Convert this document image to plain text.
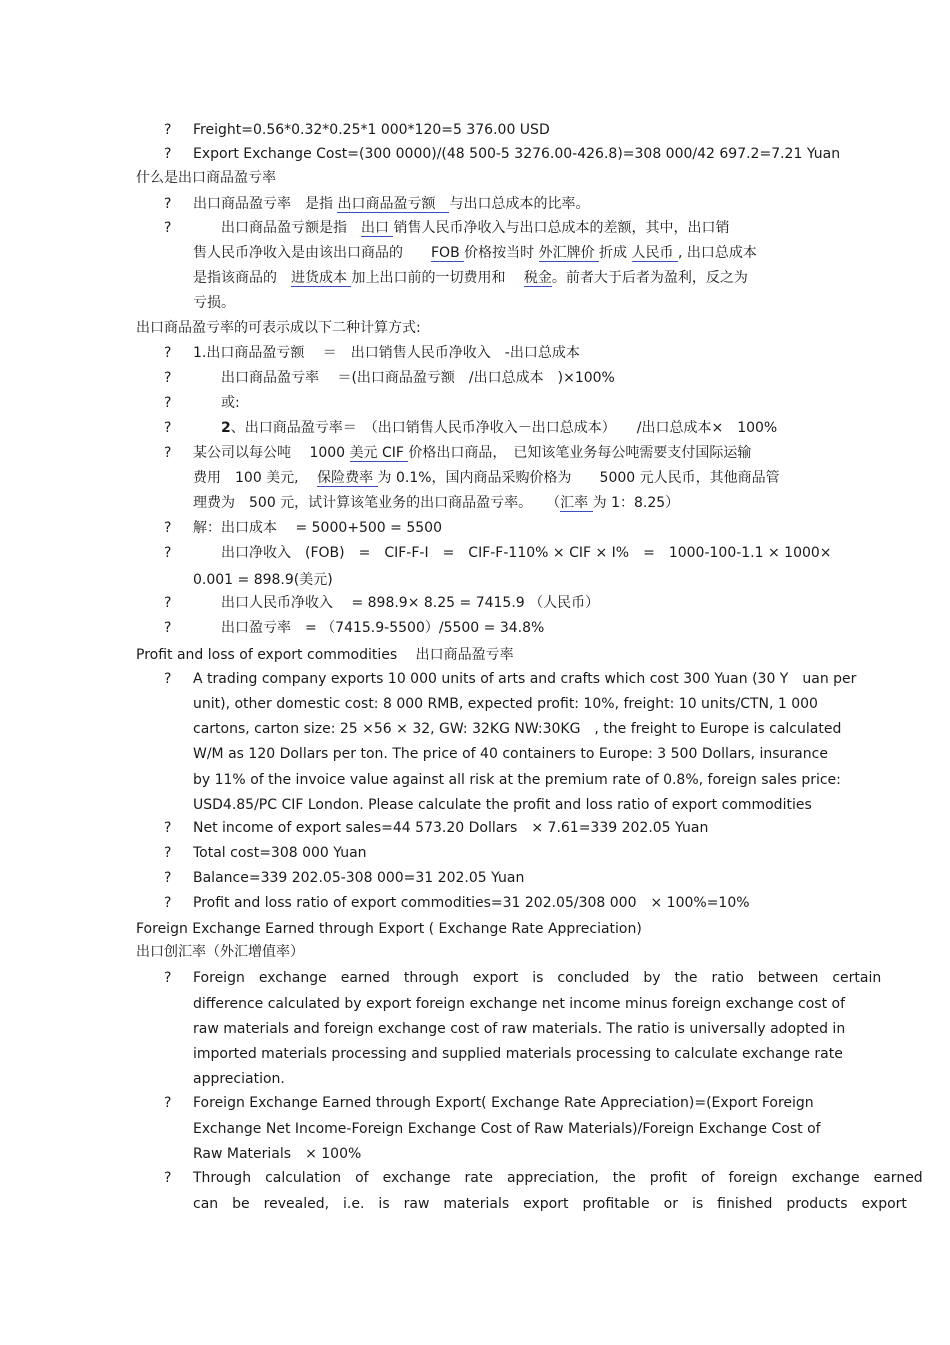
?	Freight=0.56*0.32*0.25*1 000*120=5 376.00 USD
?	Export Exchange Cost=(300 0000)/(48 500-5 3276.00-426.8)=308 000/42 697.2=7.21 Yuan
什么是出口商品盈亏率
?	出口商品盈亏率　是指 出口商品盈亏额　与出口总成本的比率。
?	　　出口商品盈亏额是指　出口 销售人民币净收入与出口总成本的差额，其中，出口销
售人民币净收入是由该出口商品的　　FOB 价格按当时 外汇牌价 折成 人民币 , 出口总成本
是指该商品的　进货成本 加上出口前的一切费用和　 税金。前者大于后者为盈利，反之为
亏损。
出口商品盈亏率的可表示成以下二种计算方式:
?	1.出口商品盈亏额　 ＝　出口销售人民币净收入　-出口总成本
?	　　出口商品盈亏率　 ＝(出口商品盈亏额　/出口总成本　)×100%
?	　　或:
?	　　2、出口商品盈亏率＝　（出口销售人民币净收入－出口总成本）　　/出口总成本×　100%
?	某公司以每公吨　 1000 美元 CIF 价格出口商品，　已知该笔业务每公吨需要支付国际运输
费用　100 美元,　 保险费率 为 0.1%，国内商品采购价格为　　5000 元人民币，其他商品管
理费为　500 元，试计算该笔业务的出口商品盈亏率。　　（汇率 为 1：8.25）
?	解：出口成本　 = 5000+500 = 5500
?	　　出口净收入　(FOB)　=　CIF-F-I　=　CIF-F-110% × CIF × I%　=　1000-100-1.1 × 1000×
0.001 = 898.9(美元)
?	　　出口人民币净收入　 = 898.9× 8.25 = 7415.9 （人民币）
?	　　出口盈亏率　= （7415.9-5500）/5500 = 34.8%
Profit and loss of export commodities　 出口商品盈亏率
?	A trading company exports 10 000 units of arts and crafts which cost 300 Yuan (30 Y　uan per
unit), other domestic cost: 8 000 RMB, expected profit: 10%, freight: 10 units/CTN, 1 000
cartons, carton size: 25 ×56 × 32, GW: 32KG NW:30KG　, the freight to Europe is calculated
W/M as 120 Dollars per ton. The price of 40 containers to Europe: 3 500 Dollars, insurance
by 11% of the invoice value against all risk at the premium rate of 0.8%, foreign sales price:
USD4.85/PC CIF London. Please calculate the profit and loss ratio of export commodities
?	Net income of export sales=44 573.20 Dollars　× 7.61=339 202.05 Yuan
?	Total cost=308 000 Yuan
?	Balance=339 202.05-308 000=31 202.05 Yuan
?	Profit and loss ratio of export commodities=31 202.05/308 000　× 100%=10%
Foreign Exchange Earned through Export ( Exchange Rate Appreciation)
出口创汇率（外汇增值率）
?	Foreign　exchange　earned　through　export　is　concluded　by　the　ratio　between　certain
difference calculated by export foreign exchange net income minus foreign exchange cost of
raw materials and foreign exchange cost of raw materials. The ratio is universally adopted in
imported materials processing and supplied materials processing to calculate exchange rate
appreciation.
?	Foreign Exchange Earned through Export( Exchange Rate Appreciation)=(Export Foreign
Exchange Net Income-Foreign Exchange Cost of Raw Materials)/Foreign Exchange Cost of
Raw Materials　× 100%
?	Through　calculation　of　exchange　rate　appreciation,　the　profit　of　foreign　exchange　earned
can　be　revealed,　i.e.　is　raw　materials　export　profitable　or　is　finished　products　export
